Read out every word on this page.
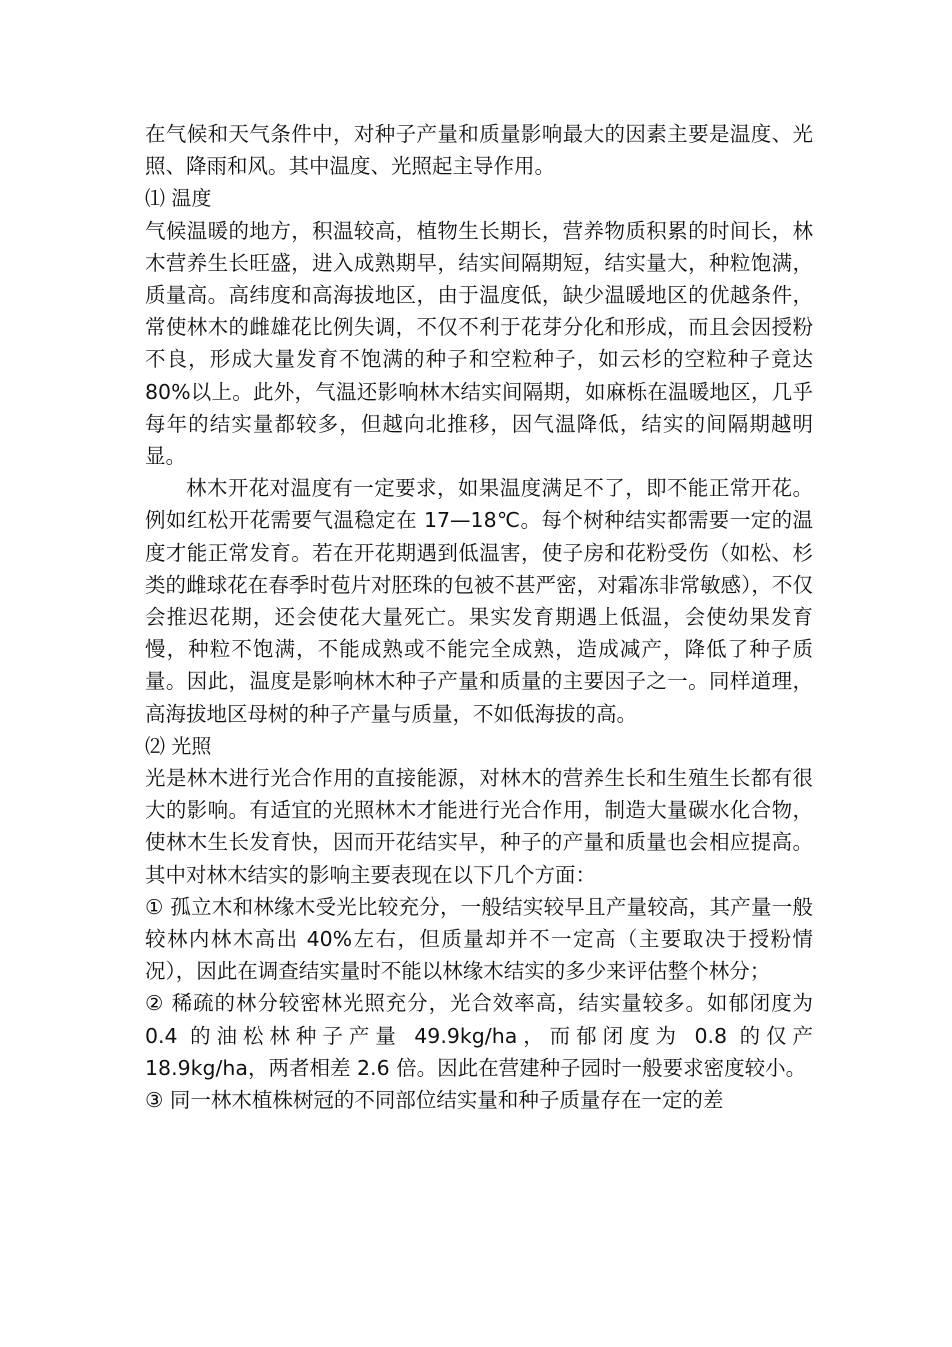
在气候和天气条件中，对种子产量和质量影响最大的因素主要是温度、光照、降雨和风。其中温度、光照起主导作用。

⑴ 温度

气候温暖的地方，积温较高，植物生长期长，营养物质积累的时间长，林木营养生长旺盛，进入成熟期早，结实间隔期短，结实量大，种粒饱满，质量高。高纬度和高海拔地区，由于温度低，缺少温暖地区的优越条件，常使林木的雌雄花比例失调，不仅不利于花芽分化和形成，而且会因授粉不良，形成大量发育不饱满的种子和空粒种子，如云杉的空粒种子竟达 80%以上。此外，气温还影响林木结实间隔期，如麻栎在温暖地区，几乎每年的结实量都较多，但越向北推移，因气温降低，结实的间隔期越明显。

林木开花对温度有一定要求，如果温度满足不了，即不能正常开花。例如红松开花需要气温稳定在 17—18℃。每个树种结实都需要一定的温度才能正常发育。若在开花期遇到低温害，使子房和花粉受伤（如松、杉类的雌球花在春季时苞片对胚珠的包被不甚严密，对霜冻非常敏感），不仅会推迟花期，还会使花大量死亡。果实发育期遇上低温，会使幼果发育慢，种粒不饱满，不能成熟或不能完全成熟，造成减产，降低了种子质量。因此，温度是影响林木种子产量和质量的主要因子之一。同样道理，高海拔地区母树的种子产量与质量，不如低海拔的高。

⑵ 光照

光是林木进行光合作用的直接能源，对林木的营养生长和生殖生长都有很大的影响。有适宜的光照林木才能进行光合作用，制造大量碳水化合物，使林木生长发育快，因而开花结实早，种子的产量和质量也会相应提高。其中对林木结实的影响主要表现在以下几个方面：

① 孤立木和林缘木受光比较充分，一般结实较早且产量较高，其产量一般较林内林木高出 40%左右，但质量却并不一定高（主要取决于授粉情况），因此在调查结实量时不能以林缘木结实的多少来评估整个林分；

② 稀疏的林分较密林光照充分，光合效率高，结实量较多。如郁闭度为 0.4 的油松林种子产量 49.9kg/ha，而郁闭度为 0.8 的仅产 18.9kg/ha，两者相差 2.6 倍。因此在营建种子园时一般要求密度较小。

③ 同一林木植株树冠的不同部位结实量和种子质量存在一定的差
